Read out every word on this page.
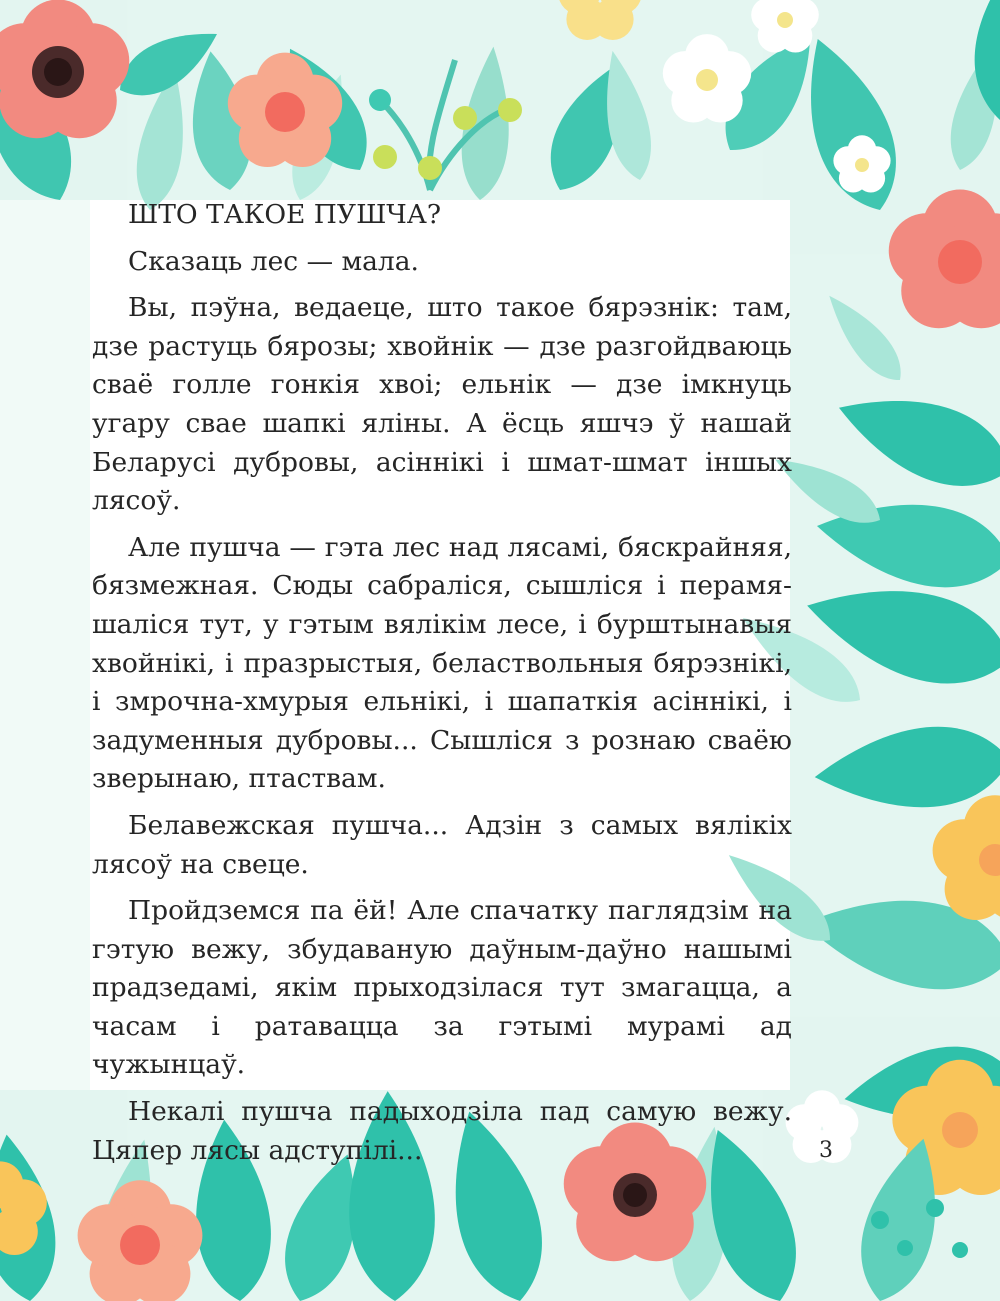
ШТО ТАКОЕ ПУШЧА?

Сказаць лес — мала.

Вы, пэўна, ведаеце, што такое бярэзнік: там, дзе растуць бярозы; хвойнік — дзе разгойдваюць сваё голле гонкія хвоі; ельнік — дзе імкнуць угару свае шапкі яліны. А ёсць яшчэ ў нашай Беларусі дубровы, асіннікі і шмат-шмат іншых лясоў.

Але пушча — гэта лес над лясамі, бяскрайняя, бязмежная. Сюды сабраліся, сышліся і перамяшаліся тут, у гэтым вялікім лесе, і бурштынавыя хвойнікі, і празрыстыя, беластвольныя бярэзнікі, і змрочна-хмурыя ельнікі, і шапаткія асіннікі, і задуменныя дубровы... Сышліся з рознаю сваёю зверынаю, птаствам.

Белавежская пушча... Адзін з самых вялікіх лясоў на свеце.

Пройдземся па ёй! Але спачатку паглядзім на гэтую вежу, збудаваную даўным-даўно нашымі прадзедамі, якім прыходзілася тут змагацца, а часам і ратавацца за гэтымі мурамі ад чужынцаў.

Некалі пушча падыходзіла пад самую вежу. Цяпер лясы адступілі...	3
